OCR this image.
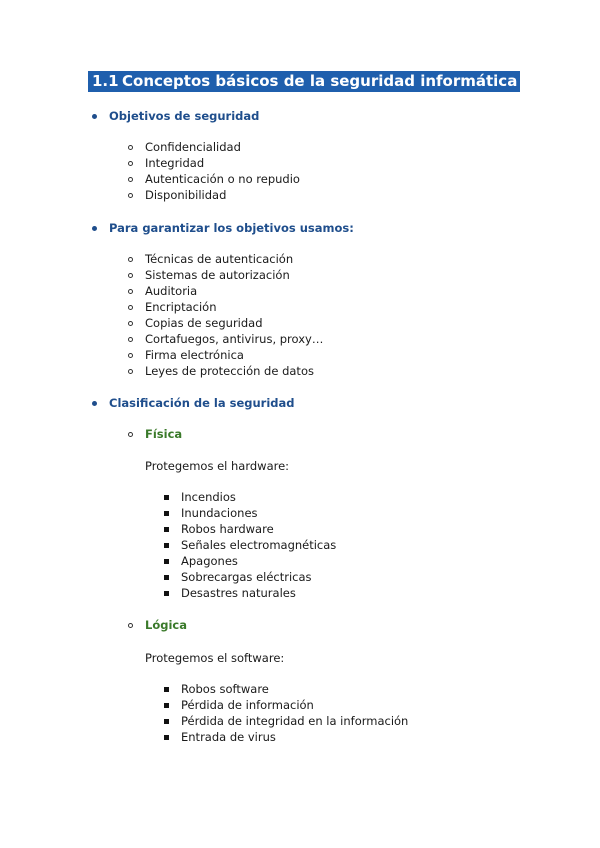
1.1 Conceptos básicos de la seguridad informática
Objetivos de seguridad
Confidencialidad
Integridad
Autenticación o no repudio
Disponibilidad
Para garantizar los objetivos usamos:
Técnicas de autenticación
Sistemas de autorización
Auditoria
Encriptación
Copias de seguridad
Cortafuegos, antivirus, proxy…
Firma electrónica
Leyes de protección de datos
Clasificación de la seguridad
Física
Protegemos el hardware:
Incendios
Inundaciones
Robos hardware
Señales electromagnéticas
Apagones
Sobrecargas eléctricas
Desastres naturales
Lógica
Protegemos el software:
Robos software
Pérdida de información
Pérdida de integridad en la información
Entrada de virus
